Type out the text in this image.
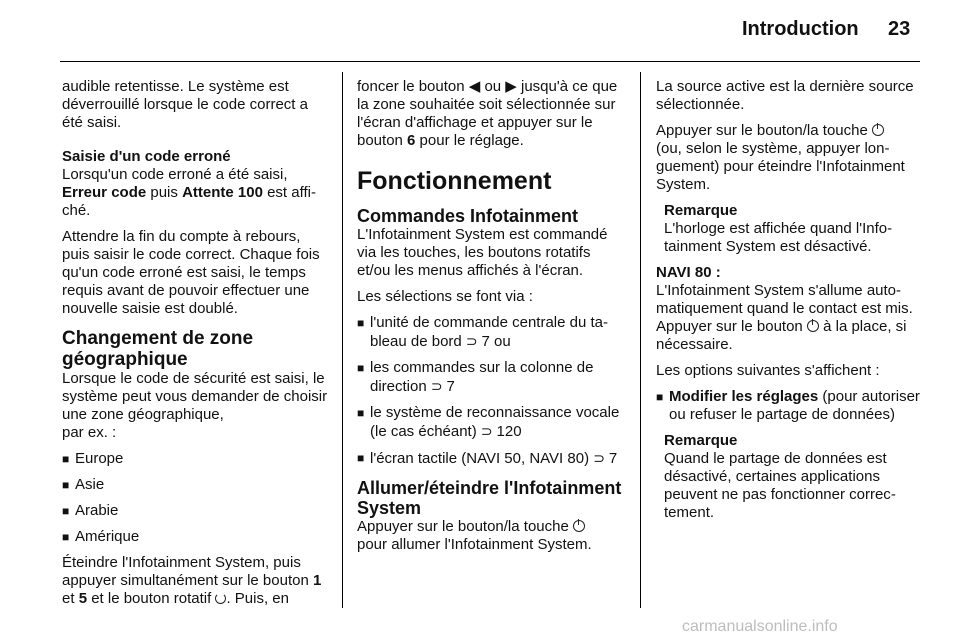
Introduction 23

audible retentisse. Le système est déverrouillé lorsque le code correct a été saisi.

Saisie d'un code erroné

Lorsqu'un code erroné a été saisi,
Erreur code puis Attente 100 est affiché.

Attendre la fin du compte à rebours, puis saisir le code correct. Chaque fois qu'un code erroné est saisi, le temps requis avant de pouvoir effectuer une nouvelle saisie est doublé.

Changement de zone géographique

Lorsque le code de sécurité est saisi, le système peut vous demander de choisir une zone géographique,
par ex. :

■ Europe
■ Asie
■ Arabie
■ Amérique

Éteindre l'Infotainment System, puis appuyer simultanément sur le bouton 1 et 5 et le bouton rotatif . Puis, en

foncer le bouton ◀ ou ▶ jusqu'à ce que la zone souhaitée soit sélectionnée sur l'écran d'affichage et appuyer sur le bouton 6 pour le réglage.

Fonctionnement
Commandes Infotainment

L'Infotainment System est commandé via les touches, les boutons rotatifs et/ou les menus affichés à l'écran.

Les sélections se font via :

■ l'unité de commande centrale du tableau de bord ⊃ 7 ou
■ les commandes sur la colonne de direction ⊃ 7
■ le système de reconnaissance vocale (le cas échéant) ⊃ 120
■ l'écran tactile (NAVI 50, NAVI 80) ⊃ 7
Allumer/éteindre l'Infotainment System

Appuyer sur le bouton/la touche
pour allumer l'Infotainment System.

La source active est la dernière source sélectionnée.

Appuyer sur le bouton/la touche
(ou, selon le système, appuyer longuement) pour éteindre l'Infotainment System.

Remarque
L'horloge est affichée quand l'Infotainment System est désactivé.
NAVI 80 :

L'Infotainment System s'allume automatiquement quand le contact est mis. Appuyer sur le bouton  à la place, si nécessaire.

Les options suivantes s'affichent :

■ Modifier les réglages (pour autoriser ou refuser le partage de données)
Remarque
Quand le partage de données est désactivé, certaines applications peuvent ne pas fonctionner correctement.
carmanualsonline.info
